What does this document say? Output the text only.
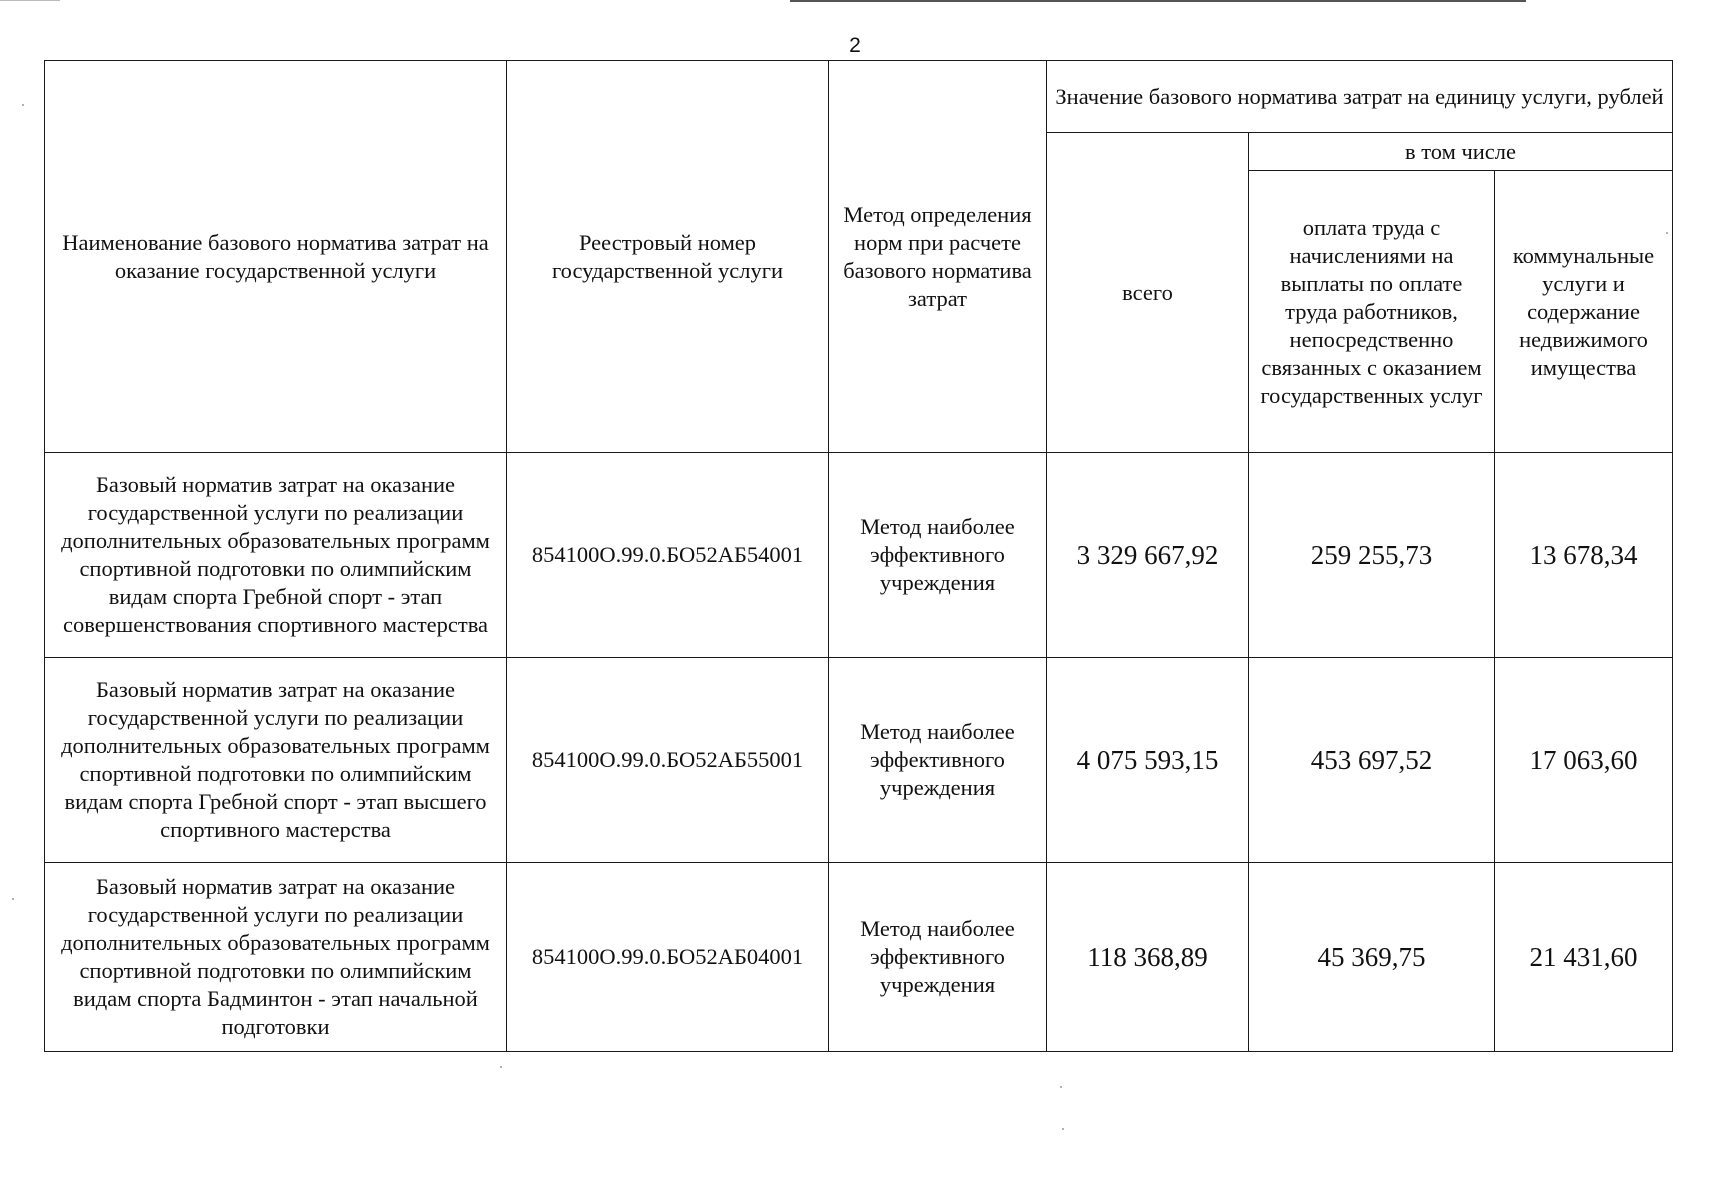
2
Наименование базового норматива затрат на оказание государственной услуги	Реестровый номер государственной услуги	Метод определения норм при расчете базового норматива затрат	Значение базового норматива затрат на единицу услуги, рублей		
			всего	в том числе	
				оплата труда с начислениями на выплаты по оплате труда работников, непосредственно связанных с оказанием государственных услуг	коммунальные услуги и содержание недвижимого имущества
Базовый норматив затрат на оказание государственной услуги по реализации дополнительных образовательных программ спортивной подготовки по олимпийским видам спорта Гребной спорт - этап совершенствования спортивного мастерства	854100О.99.0.БО52АБ54001	Метод наиболее эффективного учреждения	3 329 667,92	259 255,73	13 678,34
Базовый норматив затрат на оказание государственной услуги по реализации дополнительных образовательных программ спортивной подготовки по олимпийским видам спорта Гребной спорт - этап высшего спортивного мастерства	854100О.99.0.БО52АБ55001	Метод наиболее эффективного учреждения	4 075 593,15	453 697,52	17 063,60
Базовый норматив затрат на оказание государственной услуги по реализации дополнительных образовательных программ спортивной подготовки по олимпийским видам спорта Бадминтон - этап начальной подготовки	854100О.99.0.БО52АБ04001	Метод наиболее эффективного учреждения	118 368,89	45 369,75	21 431,60
